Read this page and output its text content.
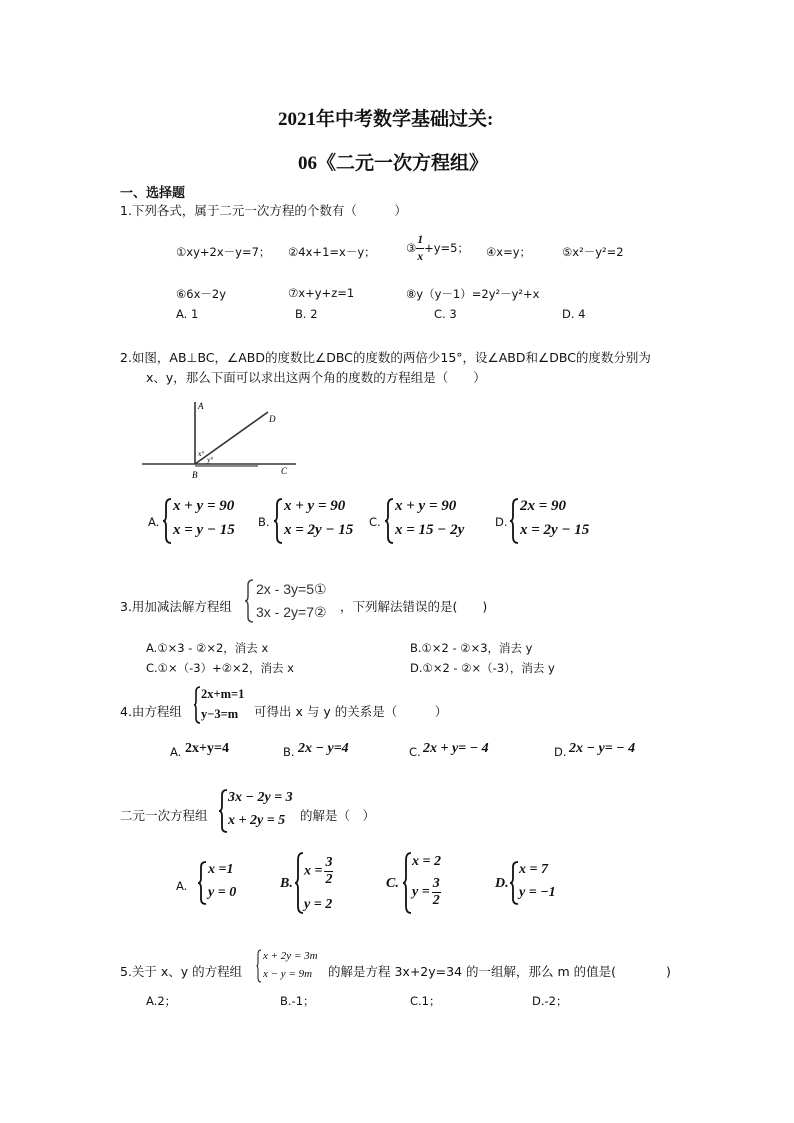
2021年中考数学基础过关:
06《二元一次方程组》
一、选择题
1.下列各式，属于二元一次方程的个数有（　　　）
①xy+2x－y=7； ②4x+1=x－y；	③ $\frac{1}{x} +y=5$； ④x=y；	⑤x²－y²=2
⑥6x－2y	⑦x+y+z=1	⑧y（y－1）=2y²－y²+x
A. 1	B. 2	C. 3	D. 4
2.如图，AB⊥BC，∠ABD的度数比∠DBC的度数的两倍少15°，设∠ABD和∠DBC的度数分别为
x、y，那么下面可以求出这两个角的度数的方程组是（　　）
A
D
B	C
x°
y°
A.
x + y = 90
x = y − 15 B.
x + y = 90
x = 2y − 15 C.
x + y = 90
x = 15 − 2y	D.
2x = 90
x = 2y − 15
3.用加减法解方程组
2x - 3y=5①
3x - 2y=7② ，下列解法错误的是(　　)
A.①×3 - ②×2，消去 x	B.①×2 - ②×3，消去 y
C.①×（-3）+②×2，消去 x	D.①×2 - ②×（-3），消去 y
4.由方程组
2x+m=1
y−3=m 可得出 x 与 y 的关系是（　　　）
A. 2x+y=4	B. 2x − y=4	C. 2x + y= − 4	D. 2x − y= − 4
二元一次方程组
3x − 2y = 3
x + 2y = 5 的解是（　）
A.
x =1
y = 0
B.
$x = \frac{3}{2}$
y = 2
C.
x = 2
$y = \frac{3}{2}$	D.
x = 7
y = −1
5.关于 x、y 的方程组
x + 2y = 3m
x − y = 9m 的解是方程 3x+2y=34 的一组解，那么 m 的值是(　　　　)
A.2；	B.-1；	C.1；	D.-2；
